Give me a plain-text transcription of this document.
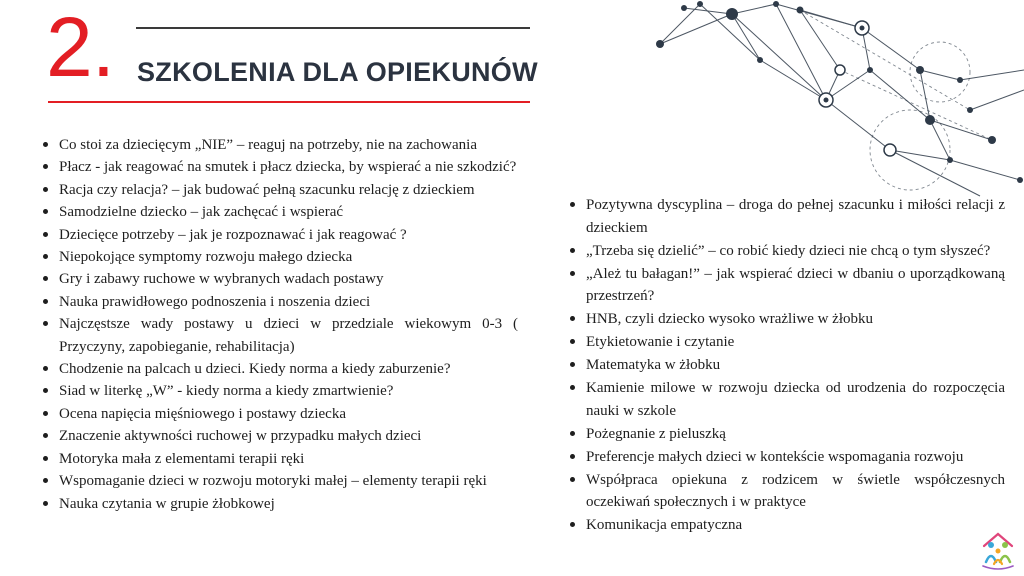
2. SZKOLENIA DLA OPIEKUNÓW
Co stoi za dziecięcym „NIE” – reaguj na potrzeby, nie na zachowania
Płacz - jak reagować na smutek i płacz dziecka, by wspierać a nie szkodzić?
Racja czy relacja? – jak budować pełną szacunku relację z dzieckiem
Samodzielne dziecko – jak zachęcać i wspierać
Dziecięce potrzeby – jak je rozpoznawać i jak reagować ?
Niepokojące symptomy rozwoju małego dziecka
Gry i zabawy ruchowe w wybranych wadach postawy
Nauka prawidłowego podnoszenia i noszenia dzieci
Najczęstsze wady postawy u dzieci w przedziale wiekowym 0-3 ( Przyczyny, zapobieganie, rehabilitacja)
Chodzenie na palcach u dzieci. Kiedy norma a kiedy zaburzenie?
Siad w literkę „W” - kiedy norma a kiedy zmartwienie?
Ocena napięcia mięśniowego i postawy dziecka
Znaczenie aktywności ruchowej w przypadku małych dzieci
Motoryka mała z elementami terapii ręki
Wspomaganie dzieci w rozwoju motoryki małej – elementy terapii ręki
Nauka czytania w grupie żłobkowej
Pozytywna dyscyplina – droga do pełnej szacunku i miłości relacji z dzieckiem
„Trzeba się dzielić” – co robić kiedy dzieci nie chcą o tym słyszeć?
„Ależ tu bałagan!” – jak wspierać dzieci w dbaniu o uporządkowaną przestrzeń?
HNB, czyli dziecko wysoko wrażliwe w żłobku
Etykietowanie i czytanie
Matematyka w żłobku
Kamienie milowe w rozwoju dziecka od urodzenia do rozpoczęcia nauki w szkole
Pożegnanie z pieluszką
Preferencje małych dzieci w kontekście wspomagania rozwoju
Współpraca opiekuna z rodzicem w świetle współczesnych oczekiwań społecznych i w praktyce
Komunikacja empatyczna
